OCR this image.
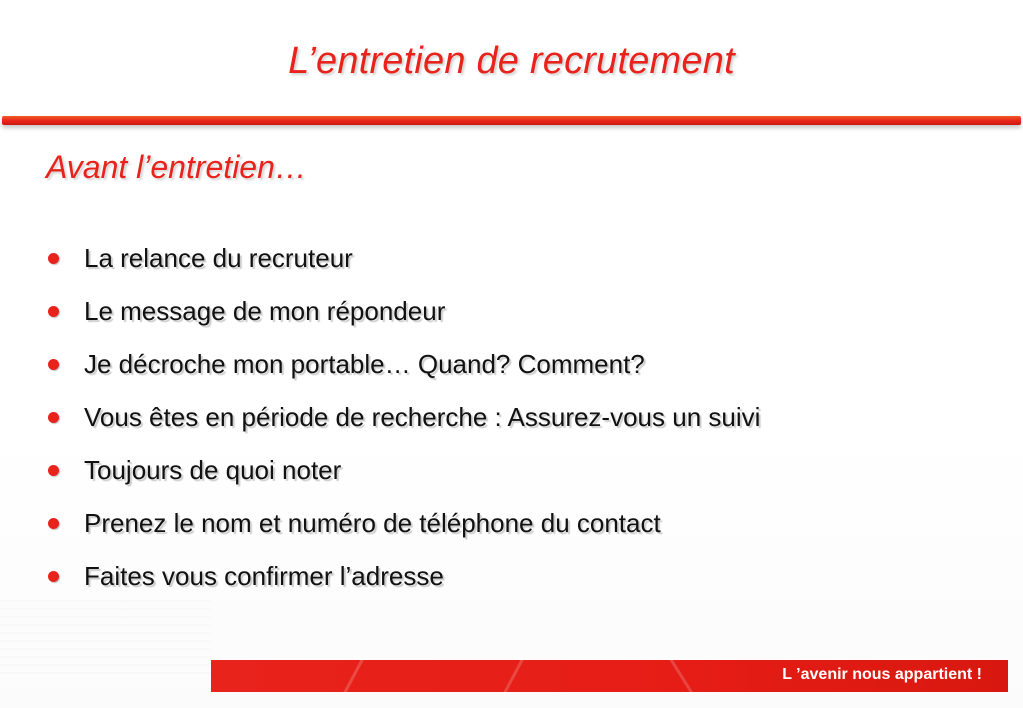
L’entretien de recrutement
Avant l’entretien…
La relance du recruteur
Le message de mon répondeur
Je décroche mon portable… Quand? Comment?
Vous êtes en période de recherche : Assurez-vous un suivi
Toujours de quoi noter
Prenez le nom et numéro de téléphone du contact
Faites vous confirmer l’adresse
L ’avenir nous appartient !
